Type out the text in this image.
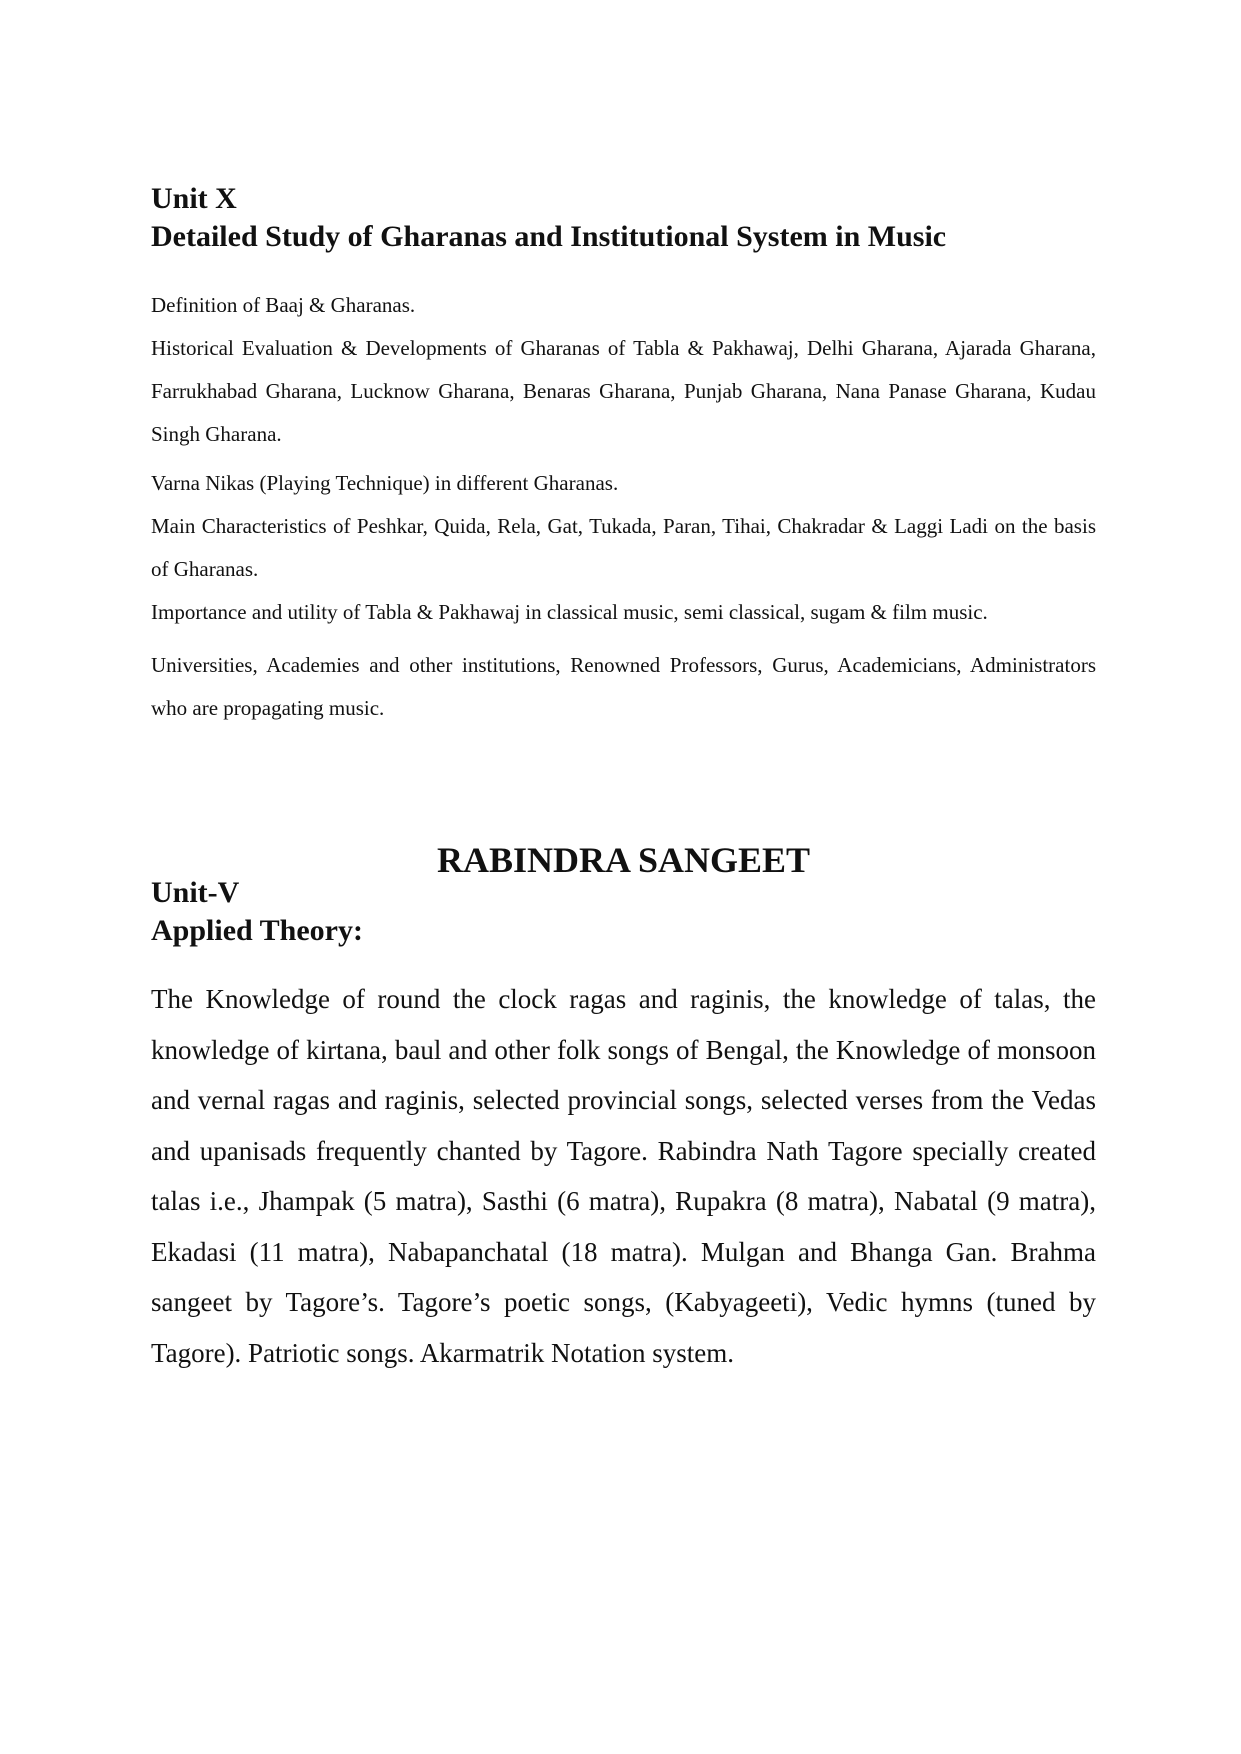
Unit X
Detailed Study of Gharanas and Institutional System in Music

Definition of Baaj & Gharanas.

Historical Evaluation & Developments of Gharanas of Tabla & Pakhawaj, Delhi Gharana, Ajarada Gharana, Farrukhabad Gharana, Lucknow Gharana, Benaras Gharana, Punjab Gharana, Nana Panase Gharana, Kudau Singh Gharana.

Varna Nikas (Playing Technique) in different Gharanas.

Main Characteristics of Peshkar, Quida, Rela, Gat, Tukada, Paran, Tihai, Chakradar & Laggi Ladi on the basis of Gharanas.

Importance and utility of Tabla & Pakhawaj in classical music, semi classical, sugam & film music.

Universities, Academies and other institutions, Renowned Professors, Gurus, Academicians, Administrators who are propagating music.

RABINDRA SANGEET
Unit-V
Applied Theory:

The Knowledge of round the clock ragas and raginis, the knowledge of talas, the knowledge of kirtana, baul and other folk songs of Bengal, the Knowledge of monsoon and vernal ragas and raginis, selected provincial songs, selected verses from the Vedas and upanisads frequently chanted by Tagore. Rabindra Nath Tagore specially created talas i.e., Jhampak (5 matra), Sasthi (6 matra), Rupakra (8 matra), Nabatal (9 matra), Ekadasi (11 matra), Nabapanchatal (18 matra). Mulgan and Bhanga Gan. Brahma sangeet by Tagore’s. Tagore’s poetic songs, (Kabyageeti), Vedic hymns (tuned by Tagore). Patriotic songs. Akarmatrik Notation system.
